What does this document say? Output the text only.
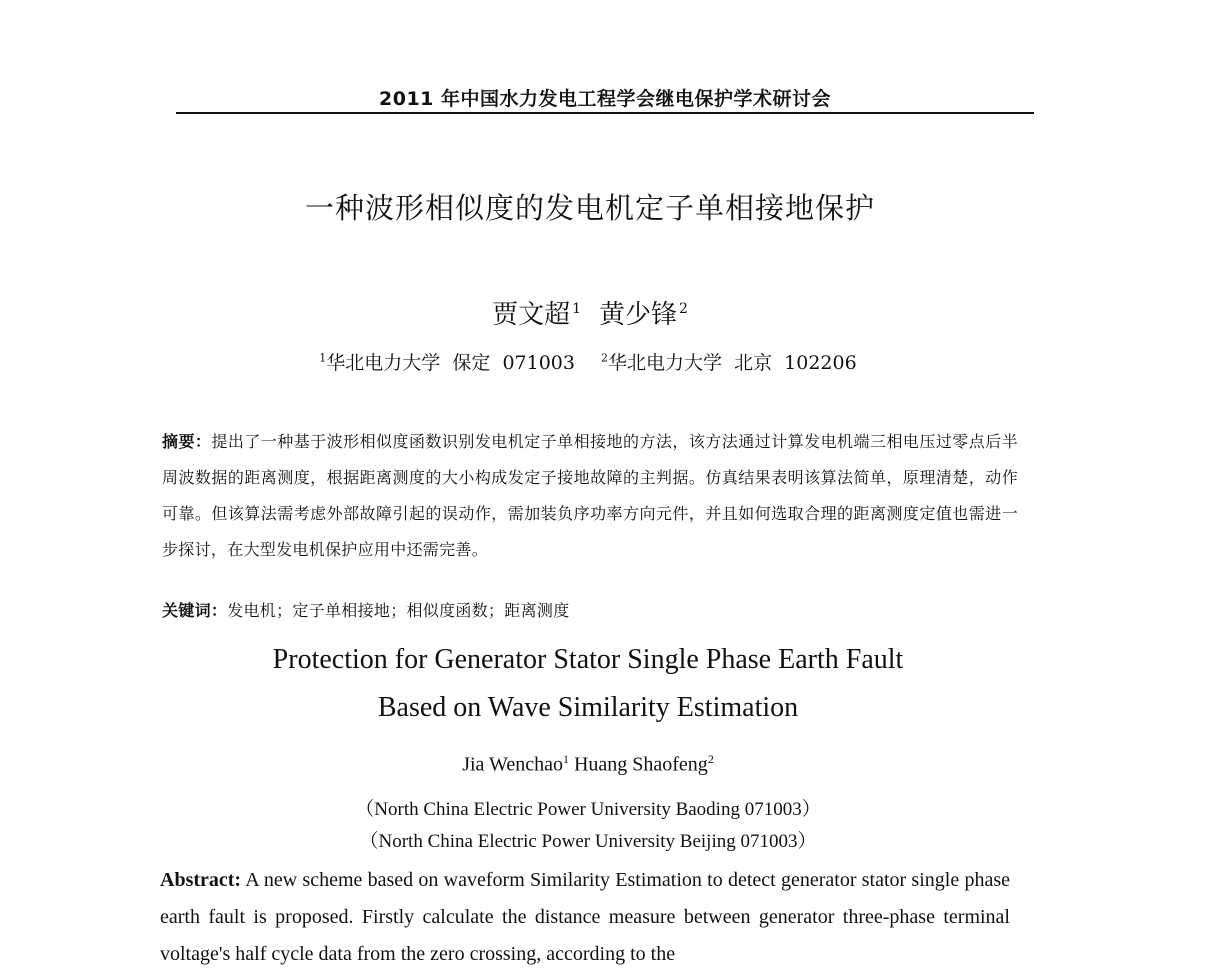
2011 年中国水力发电工程学会继电保护学术研讨会
一种波形相似度的发电机定子单相接地保护
贾文超 $^1$ 黄少锋 $^2$
$^1$华北电力大学  保定  071003 $^2$华北电力大学  北京  102206
摘要：提出了一种基于波形相似度函数识别发电机定子单相接地的方法，该方法通过计算发电机端三相电压过零点后半周波数据的距离测度，根据距离测度的大小构成发定子接地故障的主判据。仿真结果表明该算法简单，原理清楚，动作可靠。但该算法需考虑外部故障引起的误动作，需加装负序功率方向元件，并且如何选取合理的距离测度定值也需进一步探讨，在大型发电机保护应用中还需完善。
关键词：发电机；定子单相接地；相似度函数；距离测度
Protection for Generator Stator Single Phase Earth Fault
Based on Wave Similarity Estimation
Jia Wenchao$^1$ Huang Shaofeng$^2$
（North China Electric Power University Baoding 071003）
（North China Electric Power University Beijing 071003）
Abstract: A new scheme based on waveform Similarity Estimation to detect generator stator single phase earth fault is proposed. Firstly calculate the distance measure between generator three-phase terminal voltage's half cycle data from the zero crossing, according to the
